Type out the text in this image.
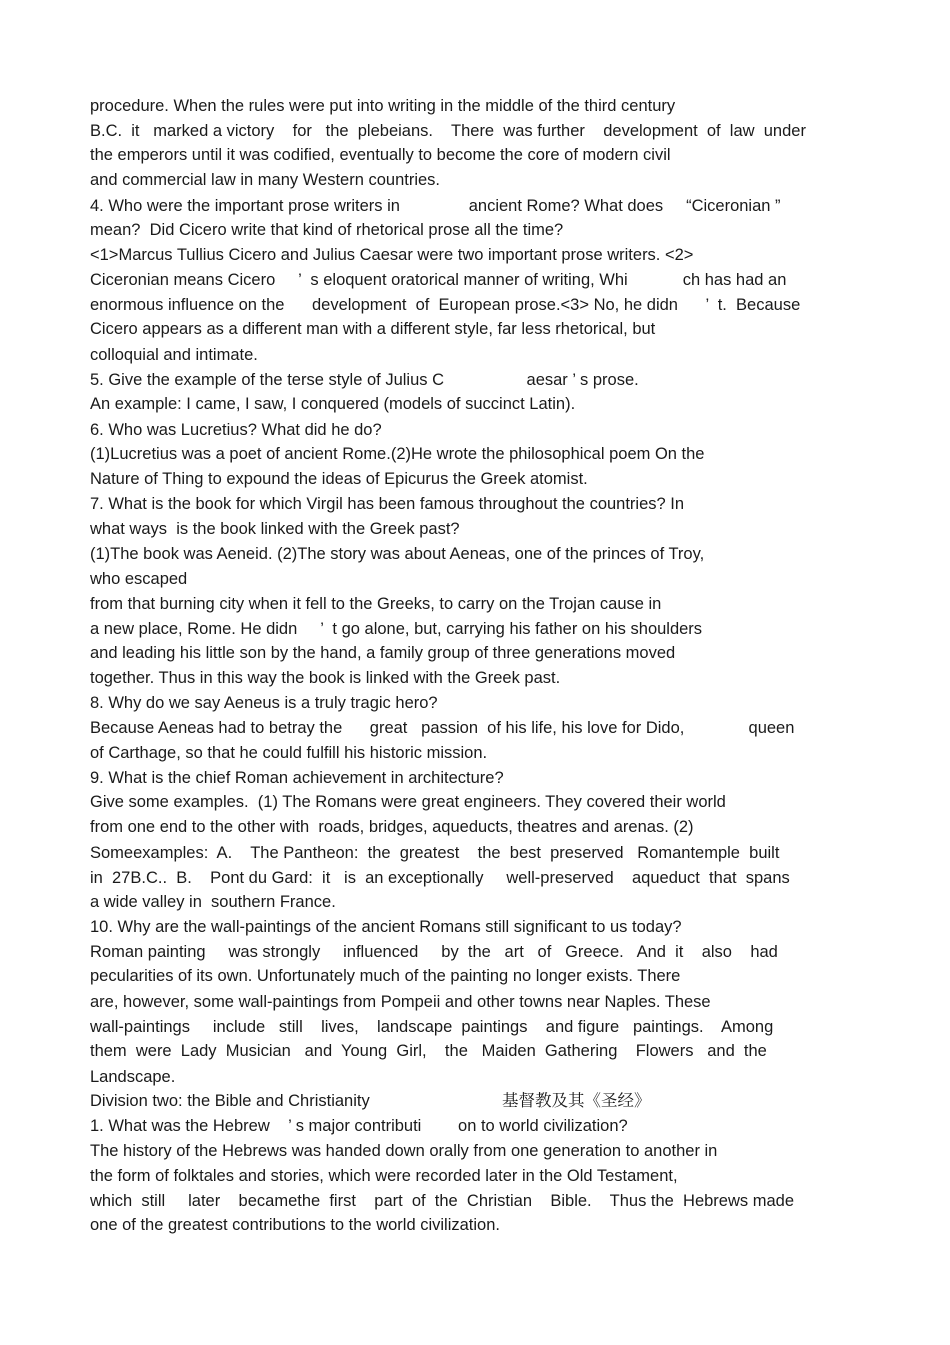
procedure. When the rules were put into writing in the middle of the third century
B.C.  it   marked a victory    for   the  plebeians.    There  was further    development  of  law  under
the emperors until it was codified, eventually to become the core of modern civil
and commercial law in many Western countries.
4. Who were the important prose writers in               ancient Rome? What does     “Ciceronian ”
mean?  Did Cicero write that kind of rhetorical prose all the time?
<1>Marcus Tullius Cicero and Julius Caesar were two important prose writers. <2>
Ciceronian means Cicero     ’  s eloquent oratorical manner of writing, Whi            ch has had an
enormous influence on the      development  of  European prose.<3> No, he didn      ’  t.  Because
Cicero appears as a different man with a different style, far less rhetorical, but
colloquial and intimate.
5. Give the example of the terse style of Julius C                  aesar ’ s prose.
An example: I came, I saw, I conquered (models of succinct Latin).
6. Who was Lucretius? What did he do?
(1)Lucretius was a poet of ancient Rome.(2)He wrote the philosophical poem On the
Nature of Thing to expound the ideas of Epicurus the Greek atomist.
7. What is the book for which Virgil has been famous throughout the countries? In
what ways  is the book linked with the Greek past?
(1)The book was Aeneid. (2)The story was about Aeneas, one of the princes of Troy,
who escaped
from that burning city when it fell to the Greeks, to carry on the Trojan cause in
a new place, Rome. He didn     ’  t go alone, but, carrying his father on his shoulders
and leading his little son by the hand, a family group of three generations moved
together. Thus in this way the book is linked with the Greek past.
8. Why do we say Aeneus is a truly tragic hero?
Because Aeneas had to betray the      great   passion  of his life, his love for Dido,              queen
of Carthage, so that he could fulfill his historic mission.
9. What is the chief Roman achievement in architecture?
Give some examples.  (1) The Romans were great engineers. They covered their world
from one end to the other with  roads, bridges, aqueducts, theatres and arenas. (2)
Someexamples:  A.    The Pantheon:  the  greatest    the  best  preserved   Romantemple  built
in  27B.C..  B.    Pont du Gard:  it   is  an exceptionally     well-preserved    aqueduct  that  spans
a wide valley in  southern France.
10. Why are the wall-paintings of the ancient Romans still significant to us today?
Roman painting     was strongly     influenced     by  the   art   of   Greece.   And  it    also    had
pecularities of its own. Unfortunately much of the painting no longer exists. There
are, however, some wall-paintings from Pompeii and other towns near Naples. These
wall-paintings     include   still    lives,    landscape  paintings    and figure   paintings.    Among
them  were  Lady  Musician   and  Young  Girl,    the   Maiden  Gathering    Flowers   and  the
Landscape.
Division two: the Bible and Christianity	基督教及其《圣经》
1. What was the Hebrew    ’ s major contributi        on to world civilization?
The history of the Hebrews was handed down orally from one generation to another in
the form of folktales and stories, which were recorded later in the Old Testament,
which  still     later    becamethe  first    part  of  the  Christian    Bible.    Thus the  Hebrews made
one of the greatest contributions to the world civilization.
